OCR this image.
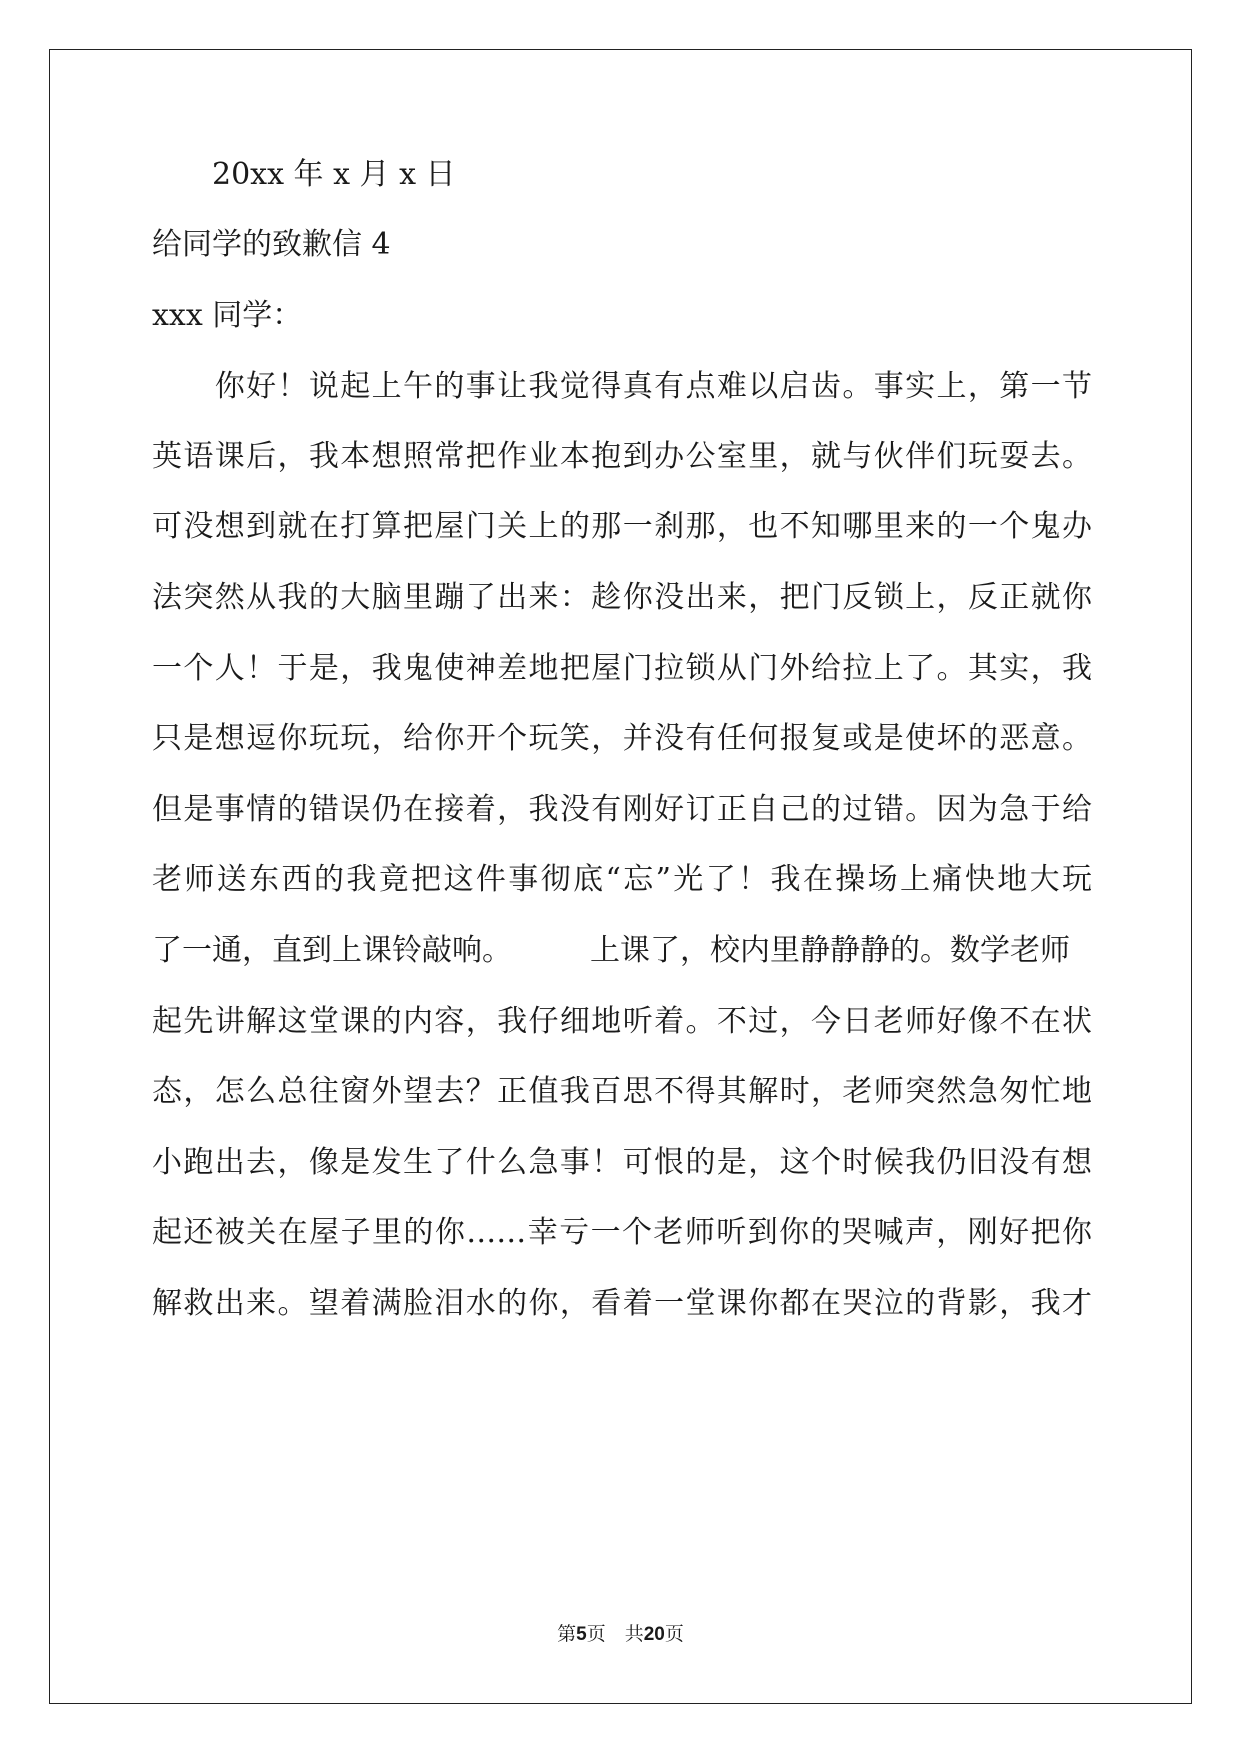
20xx 年 x 月 x 日
给同学的致歉信 4
xxx 同学：
　　你好！说起上午的事让我觉得真有点难以启齿。事实上，第一节
英语课后，我本想照常把作业本抱到办公室里，就与伙伴们玩耍去。
可没想到就在打算把屋门关上的那一刹那，也不知哪里来的一个鬼办
法突然从我的大脑里蹦了出来：趁你没出来，把门反锁上，反正就你
一个人！于是，我鬼使神差地把屋门拉锁从门外给拉上了。其实，我
只是想逗你玩玩，给你开个玩笑，并没有任何报复或是使坏的恶意。
但是事情的错误仍在接着，我没有刚好订正自己的过错。因为急于给
老师送东西的我竟把这件事彻底“忘”光了！我在操场上痛快地大玩
了一通，直到上课铃敲响。	上课了，校内里静静静的。数学老师
起先讲解这堂课的内容，我仔细地听着。不过，今日老师好像不在状
态，怎么总往窗外望去？正值我百思不得其解时，老师突然急匆忙地
小跑出去，像是发生了什么急事！可恨的是，这个时候我仍旧没有想
起还被关在屋子里的你……幸亏一个老师听到你的哭喊声，刚好把你
解救出来。望着满脸泪水的你，看着一堂课你都在哭泣的背影，我才
第5页　共20页
